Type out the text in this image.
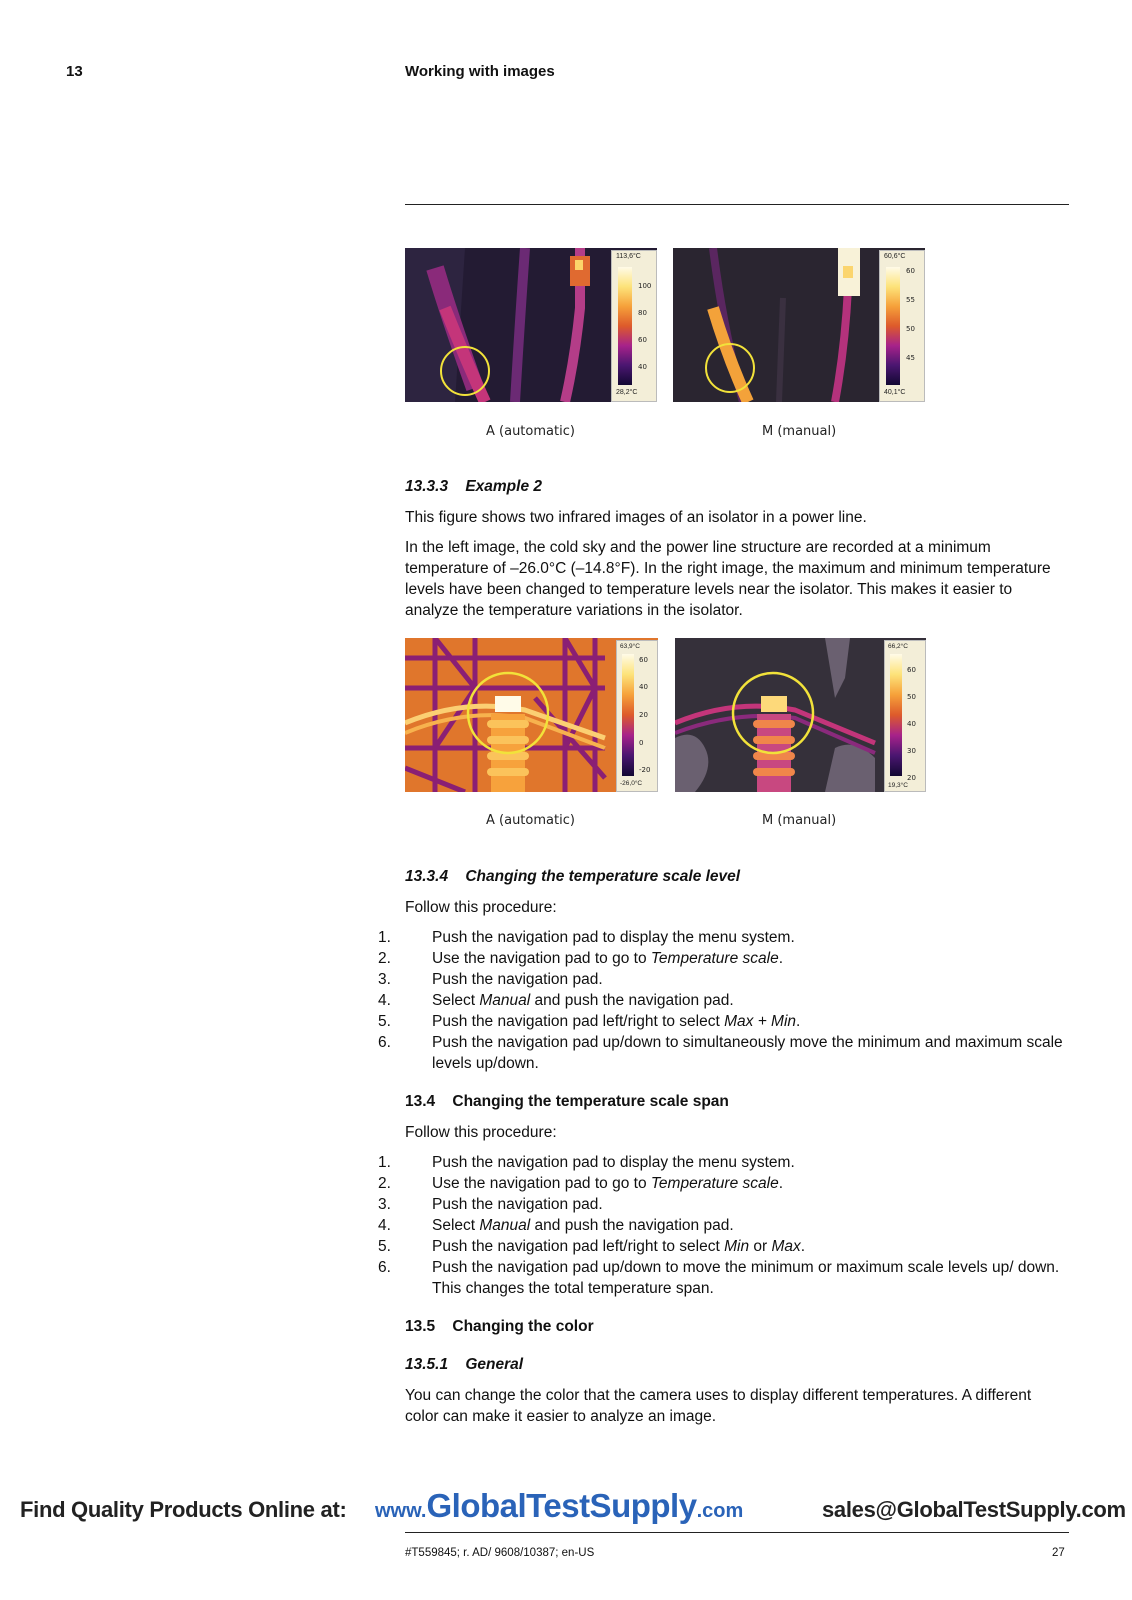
13	Working with images
113,6°C
100
80
60
40
28,2°C
60,6°C
60
55
50
45
40,1°C
A (automatic)	M (manual)
13.3.3    Example 2

This figure shows two infrared images of an isolator in a power line.

In the left image, the cold sky and the power line structure are recorded at a minimum temperature of –26.0°C (–14.8°F). In the right image, the maximum and minimum temperature levels have been changed to temperature levels near the isolator. This makes it easier to analyze the temperature variations in the isolator.

63,9°C
60
40
20
0
-20
-26,0°C
66,2°C
60
50
40
30
20
19,3°C
A (automatic)	M (manual)
13.3.4    Changing the temperature scale level

Follow this procedure:

1.	Push the navigation pad to display the menu system.
2.	Use the navigation pad to go to Temperature scale.
3.	Push the navigation pad.
4.	Select Manual and push the navigation pad.
5.	Push the navigation pad left/right to select Max + Min.
6.	Push the navigation pad up/down to simultaneously move the minimum and maximum scale levels up/down.
13.4    Changing the temperature scale span

Follow this procedure:

1.	Push the navigation pad to display the menu system.
2.	Use the navigation pad to go to Temperature scale.
3.	Push the navigation pad.
4.	Select Manual and push the navigation pad.
5.	Push the navigation pad left/right to select Min or Max.
6.	Push the navigation pad up/down to move the minimum or maximum scale levels up/ down. This changes the total temperature span.
13.5    Changing the color
13.5.1    General

You can change the color that the camera uses to display different temperatures. A different color can make it easier to analyze an image.

Find Quality Products Online at: www.GlobalTestSupply.com	sales@GlobalTestSupply.com
#T559845; r. AD/ 9608/10387; en-US	27
